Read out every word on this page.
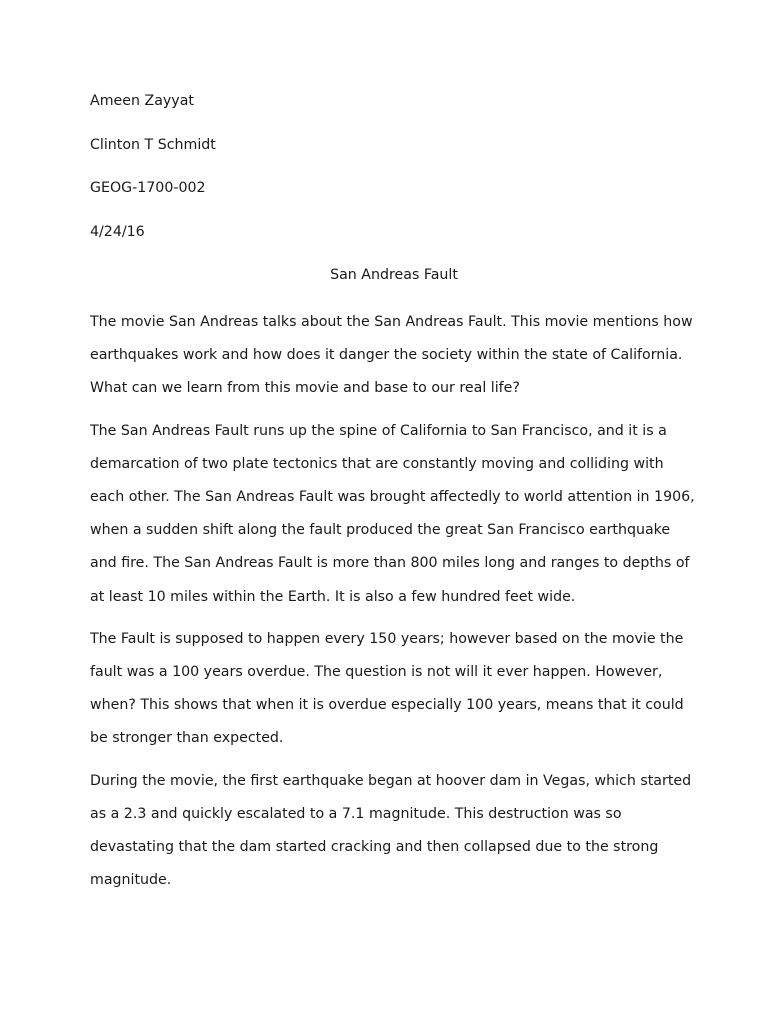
Ameen Zayyat
Clinton T Schmidt
GEOG-1700-002
4/24/16
San Andreas Fault

The movie San Andreas talks about the San Andreas Fault. This movie mentions how earthquakes work and how does it danger the society within the state of California. What can we learn from this movie and base to our real life?

The San Andreas Fault runs up the spine of California to San Francisco, and it is a demarcation of two plate tectonics that are constantly moving and colliding with each other. The San Andreas Fault was brought affectedly to world attention in 1906, when a sudden shift along the fault produced the great San Francisco earthquake and fire. The San Andreas Fault is more than 800 miles long and ranges to depths of at least 10 miles within the Earth. It is also a few hundred feet wide.

The Fault is supposed to happen every 150 years; however based on the movie the fault was a 100 years overdue. The question is not will it ever happen. However, when? This shows that when it is overdue especially 100 years, means that it could be stronger than expected.

During the movie, the first earthquake began at hoover dam in Vegas, which started as a 2.3 and quickly escalated to a 7.1 magnitude. This destruction was so devastating that the dam started cracking and then collapsed due to the strong magnitude.
